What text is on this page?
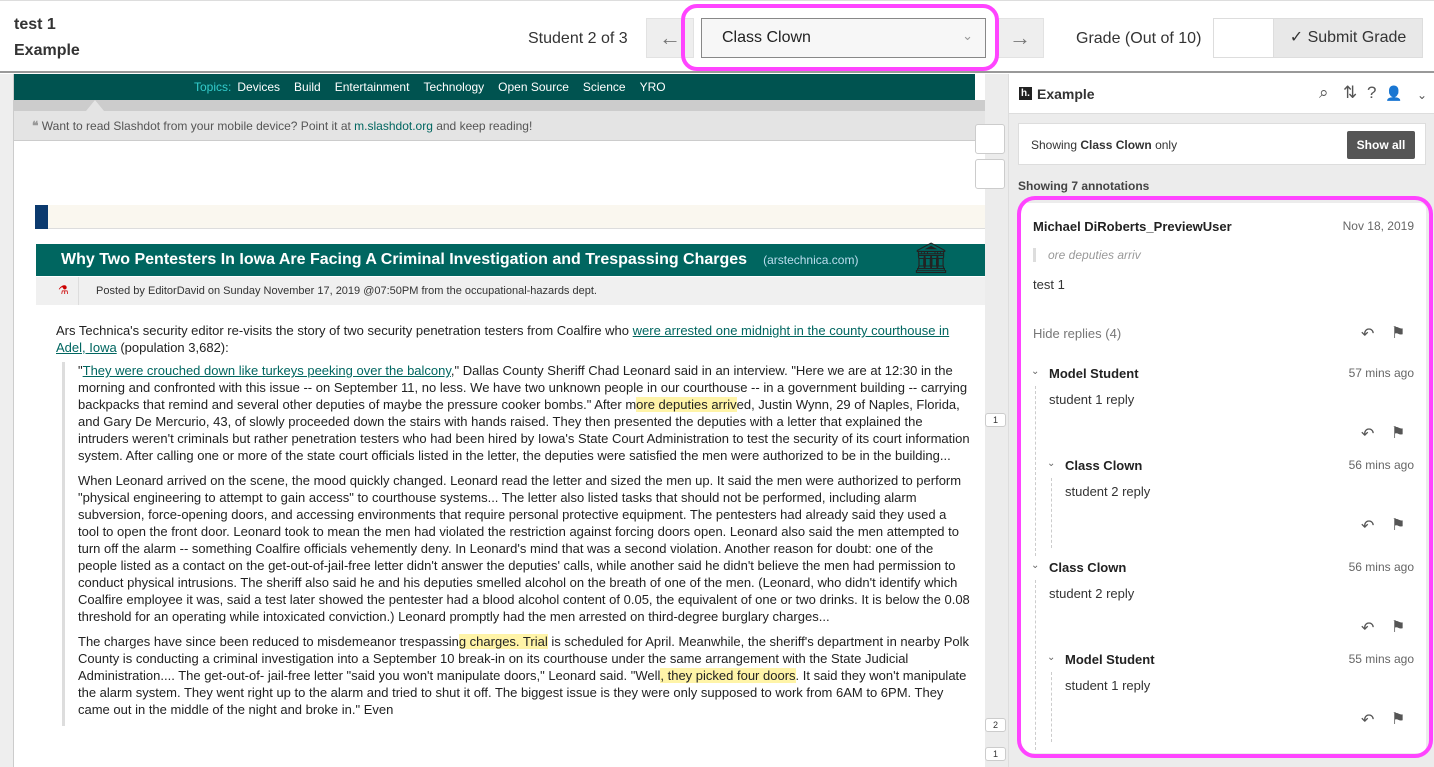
test 1
Example
Student 2 of 3	←	Class Clown	⌄	→	Grade (Out of 10)	✓ Submit Grade
Topics: Devices Build Entertainment Technology Open Source Science YRO
❝ Want to read Slashdot from your mobile device? Point it at m.slashdot.org and keep reading!
Why Two Pentesters In Iowa Are Facing A Criminal Investigation and Trespassing Charges (arstechnica.com)
⚗ Posted by EditorDavid on Sunday November 17, 2019 @07:50PM from the occupational-hazards dept.
🏛
Ars Technica's security editor re-visits the story of two security penetration testers from Coalfire who were arrested one midnight in the county courthouse in Adel, Iowa (population 3,682):
"They were crouched down like turkeys peeking over the balcony," Dallas County Sheriff Chad Leonard said in an interview. "Here we are at 12:30 in the morning and confronted with this issue -- on September 11, no less. We have two unknown people in our courthouse -- in a government building -- carrying backpacks that remind and several other deputies of maybe the pressure cooker bombs." After more deputies arrived, Justin Wynn, 29 of Naples, Florida, and Gary De Mercurio, 43, of slowly proceeded down the stairs with hands raised. They then presented the deputies with a letter that explained the intruders weren't criminals but rather penetration testers who had been hired by Iowa's State Court Administration to test the security of its court information system. After calling one or more of the state court officials listed in the letter, the deputies were satisfied the men were authorized to be in the building...
When Leonard arrived on the scene, the mood quickly changed. Leonard read the letter and sized the men up. It said the men were authorized to perform "physical engineering to attempt to gain access" to courthouse systems... The letter also listed tasks that should not be performed, including alarm subversion, force-opening doors, and accessing environments that require personal protective equipment. The pentesters had already said they used a tool to open the front door. Leonard took to mean the men had violated the restriction against forcing doors open. Leonard also said the men attempted to turn off the alarm -- something Coalfire officials vehemently deny. In Leonard's mind that was a second violation. Another reason for doubt: one of the people listed as a contact on the get-out-of-jail-free letter didn't answer the deputies' calls, while another said he didn't believe the men had permission to conduct physical intrusions. The sheriff also said he and his deputies smelled alcohol on the breath of one of the men. (Leonard, who didn't identify which Coalfire employee it was, said a test later showed the pentester had a blood alcohol content of 0.05, the equivalent of one or two drinks. It is below the 0.08 threshold for an operating while intoxicated conviction.) Leonard promptly had the men arrested on third-degree burglary charges...
The charges have since been reduced to misdemeanor trespassing charges. Trial is scheduled for April. Meanwhile, the sheriff's department in nearby Polk County is conducting a criminal investigation into a September 10 break-in on its courthouse under the same arrangement with the State Judicial Administration.... The get-out-of- jail-free letter "said you won't manipulate doors," Leonard said. "Well, they picked four doors. It said they won't manipulate the alarm system. They went right up to the alarm and tried to shut it off. The biggest issue is they were only supposed to work from 6AM to 6PM. They came out in the middle of the night and broke in." Even
1
2
1
h. Example	⌕ ⇅ ? 👤 ⌄
Showing Class Clown only	Show all
Showing 7 annotations
Michael DiRoberts_PreviewUser	Nov 18, 2019
ore deputies arriv
test 1
Hide replies (4)	↶ ⚑
⌄ Model Student	57 mins ago
student 1 reply
↶ ⚑
⌄ Class Clown	56 mins ago
student 2 reply
↶ ⚑
⌄ Class Clown	56 mins ago
student 2 reply
↶ ⚑
⌄ Model Student	55 mins ago
student 1 reply
↶ ⚑
